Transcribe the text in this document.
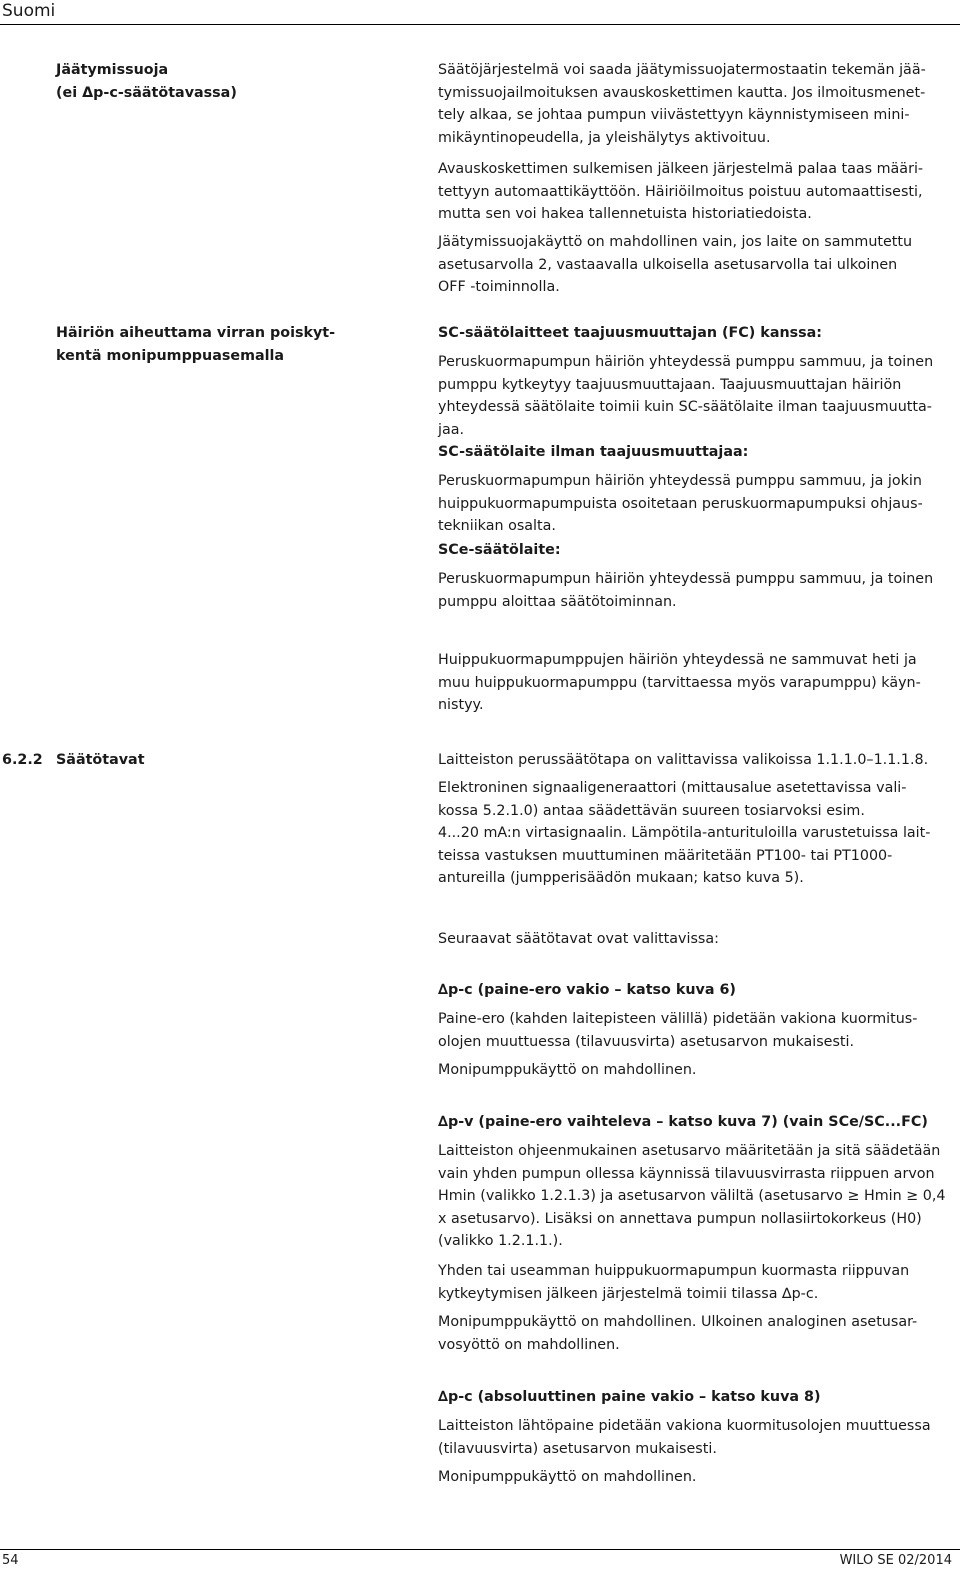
Suomi
Jäätymissuoja
(ei Δp-c-säätötavassa)
Säätöjärjestelmä voi saada jäätymissuojatermostaatin tekemän jää-
tymissuojailmoituksen avauskoskettimen kautta. Jos ilmoitusmenet-
tely alkaa, se johtaa pumpun viivästettyyn käynnistymiseen mini-
mikäyntinopeudella, ja yleishälytys aktivoituu.
Avauskoskettimen sulkemisen jälkeen järjestelmä palaa taas määri-
tettyyn automaattikäyttöön. Häiriöilmoitus poistuu automaattisesti,
mutta sen voi hakea tallennetuista historiatiedoista.
Jäätymissuojakäyttö on mahdollinen vain, jos laite on sammutettu
asetusarvolla 2, vastaavalla ulkoisella asetusarvolla tai ulkoinen
OFF -toiminnolla.
Häiriön aiheuttama virran poiskyt-
kentä monipumppuasemalla
SC-säätölaitteet taajuusmuuttajan (FC) kanssa:
Peruskuormapumpun häiriön yhteydessä pumppu sammuu, ja toinen
pumppu kytkeytyy taajuusmuuttajaan. Taajuusmuuttajan häiriön
yhteydessä säätölaite toimii kuin SC-säätölaite ilman taajuusmuutta-
jaa.
SC-säätölaite ilman taajuusmuuttajaa:
Peruskuormapumpun häiriön yhteydessä pumppu sammuu, ja jokin
huippukuormapumpuista osoitetaan peruskuormapumpuksi ohjaus-
tekniikan osalta.
SCe-säätölaite:
Peruskuormapumpun häiriön yhteydessä pumppu sammuu, ja toinen
pumppu aloittaa säätötoiminnan.
Huippukuormapumppujen häiriön yhteydessä ne sammuvat heti ja
muu huippukuormapumppu (tarvittaessa myös varapumppu) käyn-
nistyy.
6.2.2 Säätötavat	Laitteiston perussäätötapa on valittavissa valikoissa 1.1.1.0–1.1.1.8.
Elektroninen signaaligeneraattori (mittausalue asetettavissa vali-
kossa 5.2.1.0) antaa säädettävän suureen tosiarvoksi esim.
4...20 mA:n virtasignaalin. Lämpötila-anturituloilla varustetuissa lait-
teissa vastuksen muuttuminen määritetään PT100- tai PT1000-
antureilla (jumpperisäädön mukaan; katso kuva 5).
Seuraavat säätötavat ovat valittavissa:
∆p-c (paine-ero vakio – katso kuva 6)
Paine-ero (kahden laitepisteen välillä) pidetään vakiona kuormitus-
olojen muuttuessa (tilavuusvirta) asetusarvon mukaisesti.
Monipumppukäyttö on mahdollinen.
∆p-v (paine-ero vaihteleva – katso kuva 7) (vain SCe/SC...FC)
Laitteiston ohjeenmukainen asetusarvo määritetään ja sitä säädetään
vain yhden pumpun ollessa käynnissä tilavuusvirrasta riippuen arvon
Hmin (valikko 1.2.1.3) ja asetusarvon väliltä (asetusarvo ≥ Hmin ≥ 0,4
x asetusarvo). Lisäksi on annettava pumpun nollasiirtokorkeus (H0)
(valikko 1.2.1.1.).
Yhden tai useamman huippukuormapumpun kuormasta riippuvan
kytkeytymisen jälkeen järjestelmä toimii tilassa ∆p-c.
Monipumppukäyttö on mahdollinen. Ulkoinen analoginen asetusar-
vosyöttö on mahdollinen.
∆p-c (absoluuttinen paine vakio – katso kuva 8)
Laitteiston lähtöpaine pidetään vakiona kuormitusolojen muuttuessa
(tilavuusvirta) asetusarvon mukaisesti.
Monipumppukäyttö on mahdollinen.
54	WILO SE 02/2014
